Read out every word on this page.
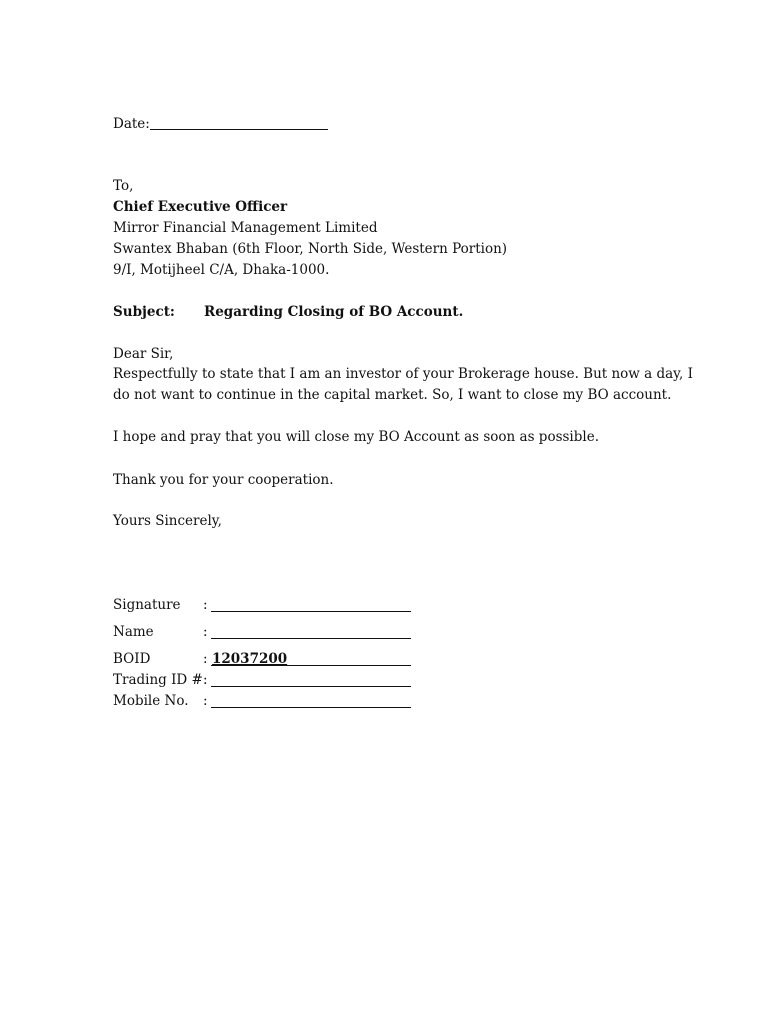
Date:
To,
Chief Executive Officer
Mirror Financial Management Limited
Swantex Bhaban (6th Floor, North Side, Western Portion)
9/I, Motijheel C/A, Dhaka-1000.
Subject: Regarding Closing of BO Account.
Dear Sir,
Respectfully to state that I am an investor of your Brokerage house. But now a day, I do not want to continue in the capital market. So, I want to close my BO account.
I hope and pray that you will close my BO Account as soon as possible.
Thank you for your cooperation.
Yours Sincerely,
Signature :
Name	:
BOID	: 12037200
Trading ID # :
Mobile No. :
